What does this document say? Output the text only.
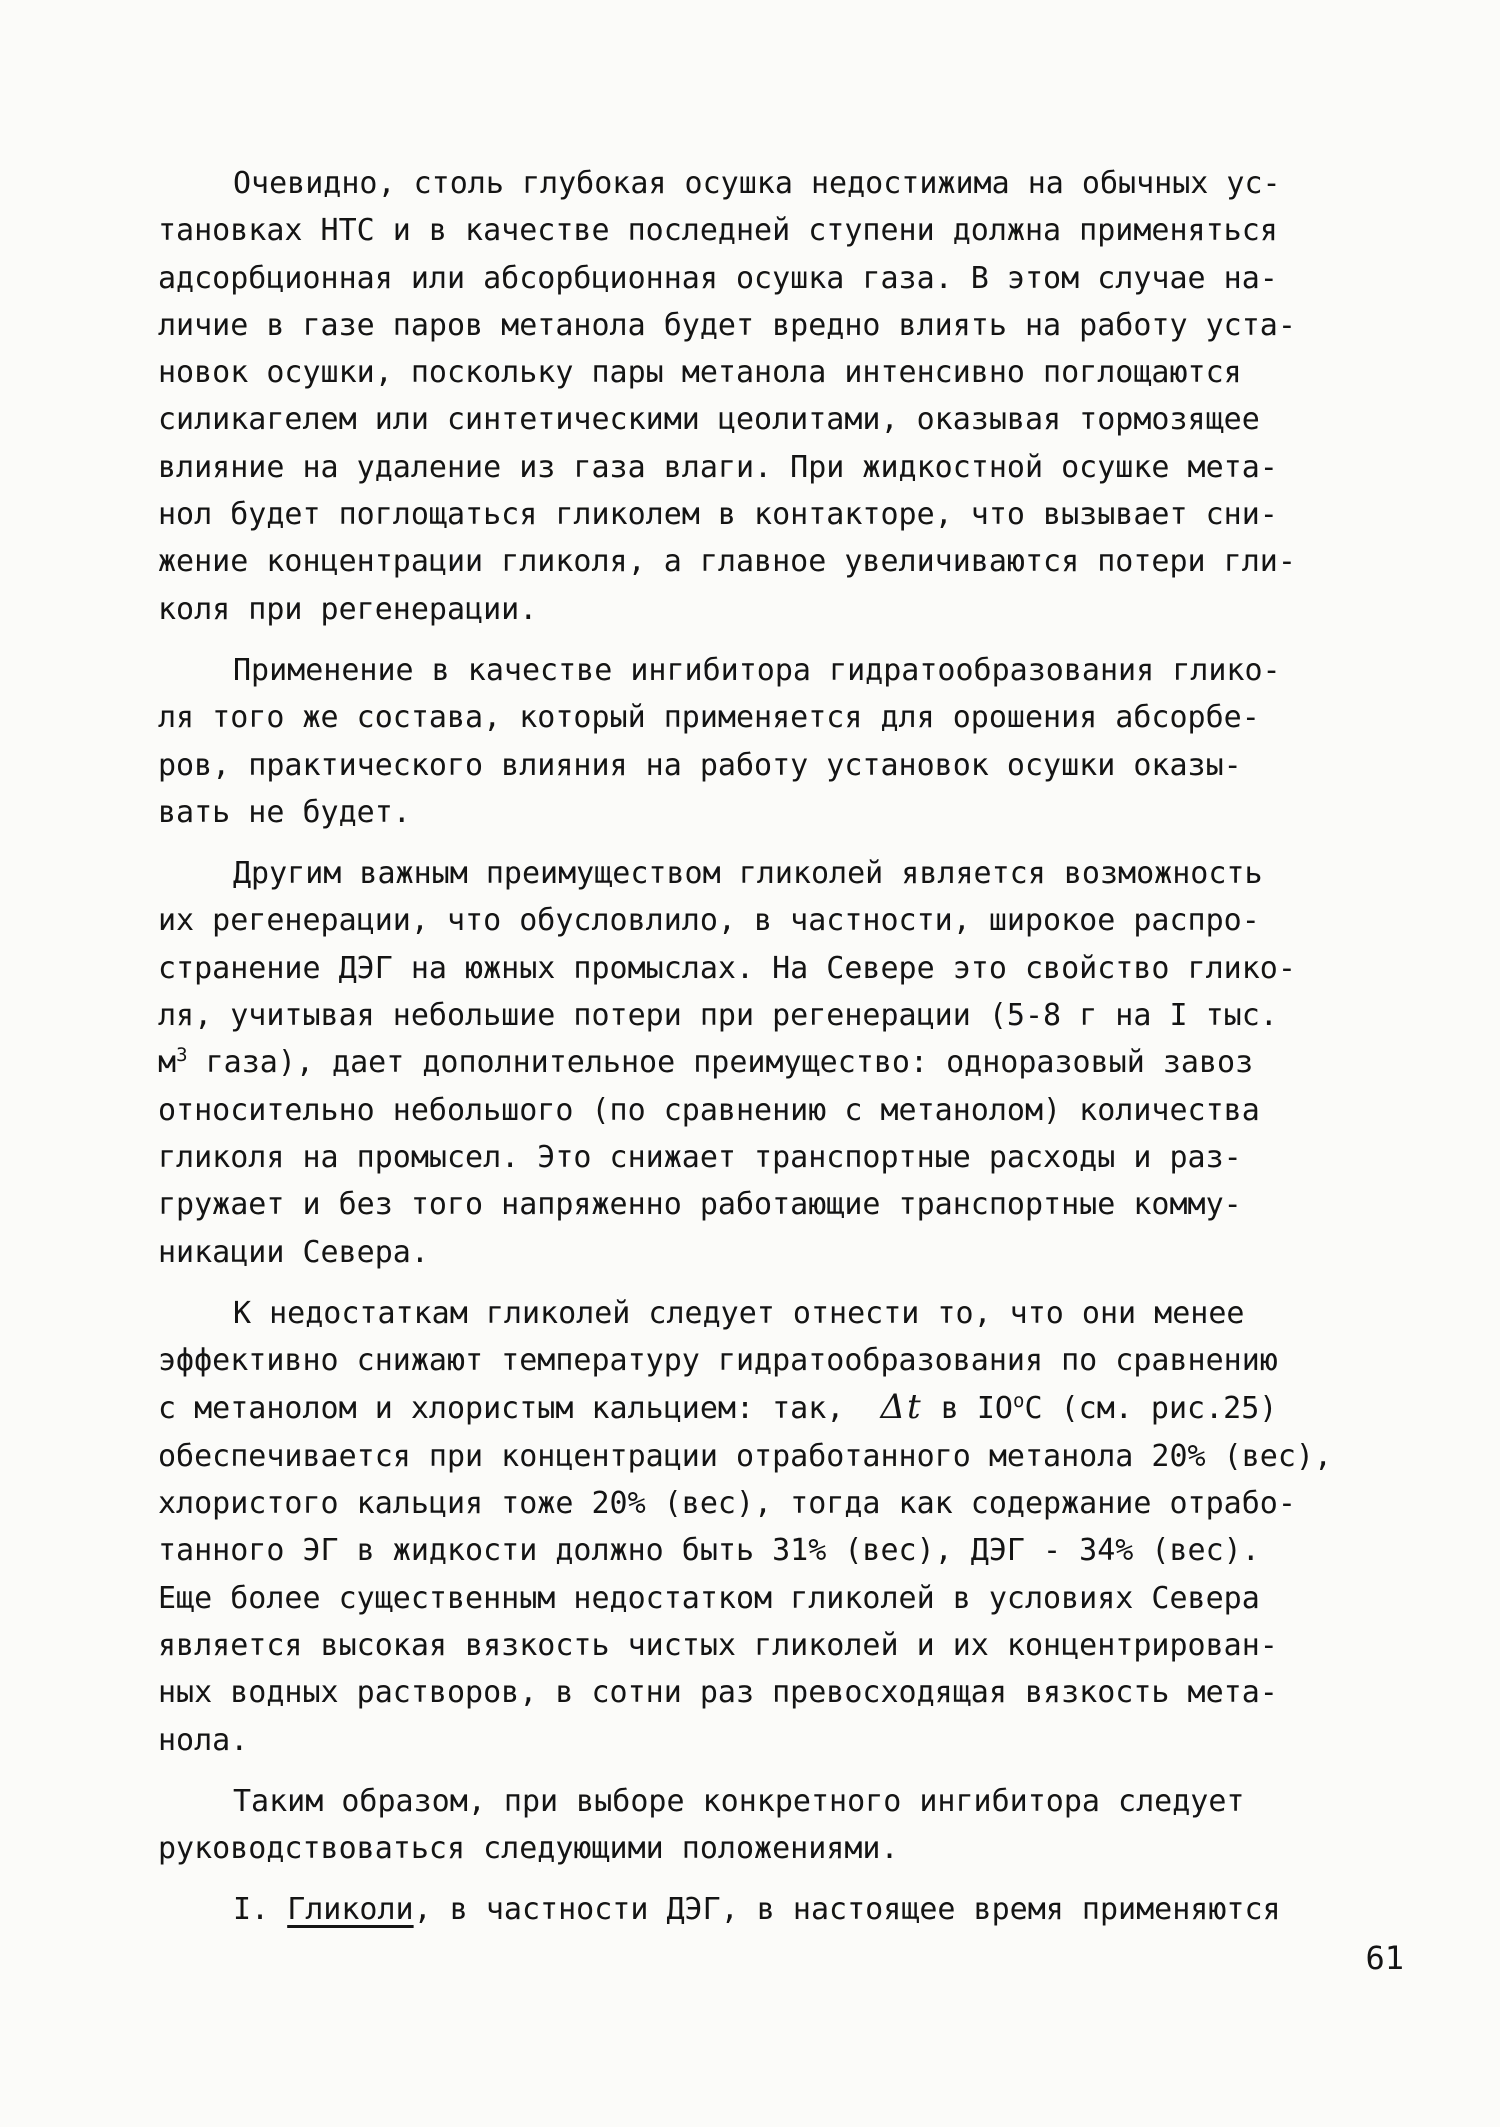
Очевидно, столь глубокая осушка недостижима на обычных ус-
тановках НТС и в качестве последней ступени должна применяться
адсорбционная или абсорбционная осушка газа. В этом случае на-
личие в газе паров метанола будет вредно влиять на работу уста-
новок осушки, поскольку пары метанола интенсивно поглощаются
силикагелем или синтетическими цеолитами, оказывая тормозящее
влияние на удаление из газа влаги. При жидкостной осушке мета-
нол будет поглощаться гликолем в контакторе, что вызывает сни-
жение концентрации гликоля, а главное увеличиваются потери гли-
коля при регенерации.
Применение в качестве ингибитора гидратообразования глико-
ля того же состава, который применяется для орошения абсорбе-
ров, практического влияния на работу установок осушки оказы-
вать не будет.
Другим важным преимуществом гликолей является возможность
их регенерации, что обусловлило, в частности, широкое распро-
странение ДЭГ на южных промыслах. На Севере это свойство глико-
ля, учитывая небольшие потери при регенерации (5-8 г на I тыс.
$м^3$ газа), дает дополнительное преимущество: одноразовый завоз
относительно небольшого (по сравнению с метанолом) количества
гликоля на промысел. Это снижает транспортные расходы и раз-
гружает и без того напряженно работающие транспортные комму-
никации Севера.
К недостаткам гликолей следует отнести то, что они менее
эффективно снижают температуру гидратообразования по сравнению
с метанолом и хлористым кальцием: так,  Δt в $IO^oС$ (см. рис.25)
обеспечивается при концентрации отработанного метанола 20% (вес),
хлористого кальция тоже 20% (вес), тогда как содержание отрабо-
танного ЭГ в жидкости должно быть 31% (вес), ДЭГ - 34% (вес).
Еще более существенным недостатком гликолей в условиях Севера
является высокая вязкость чистых гликолей и их концентрирован-
ных водных растворов, в сотни раз превосходящая вязкость мета-
нола.
Таким образом, при выборе конкретного ингибитора следует
руководствоваться следующими положениями.
I. Гликоли, в частности ДЭГ, в настоящее время применяются
61
